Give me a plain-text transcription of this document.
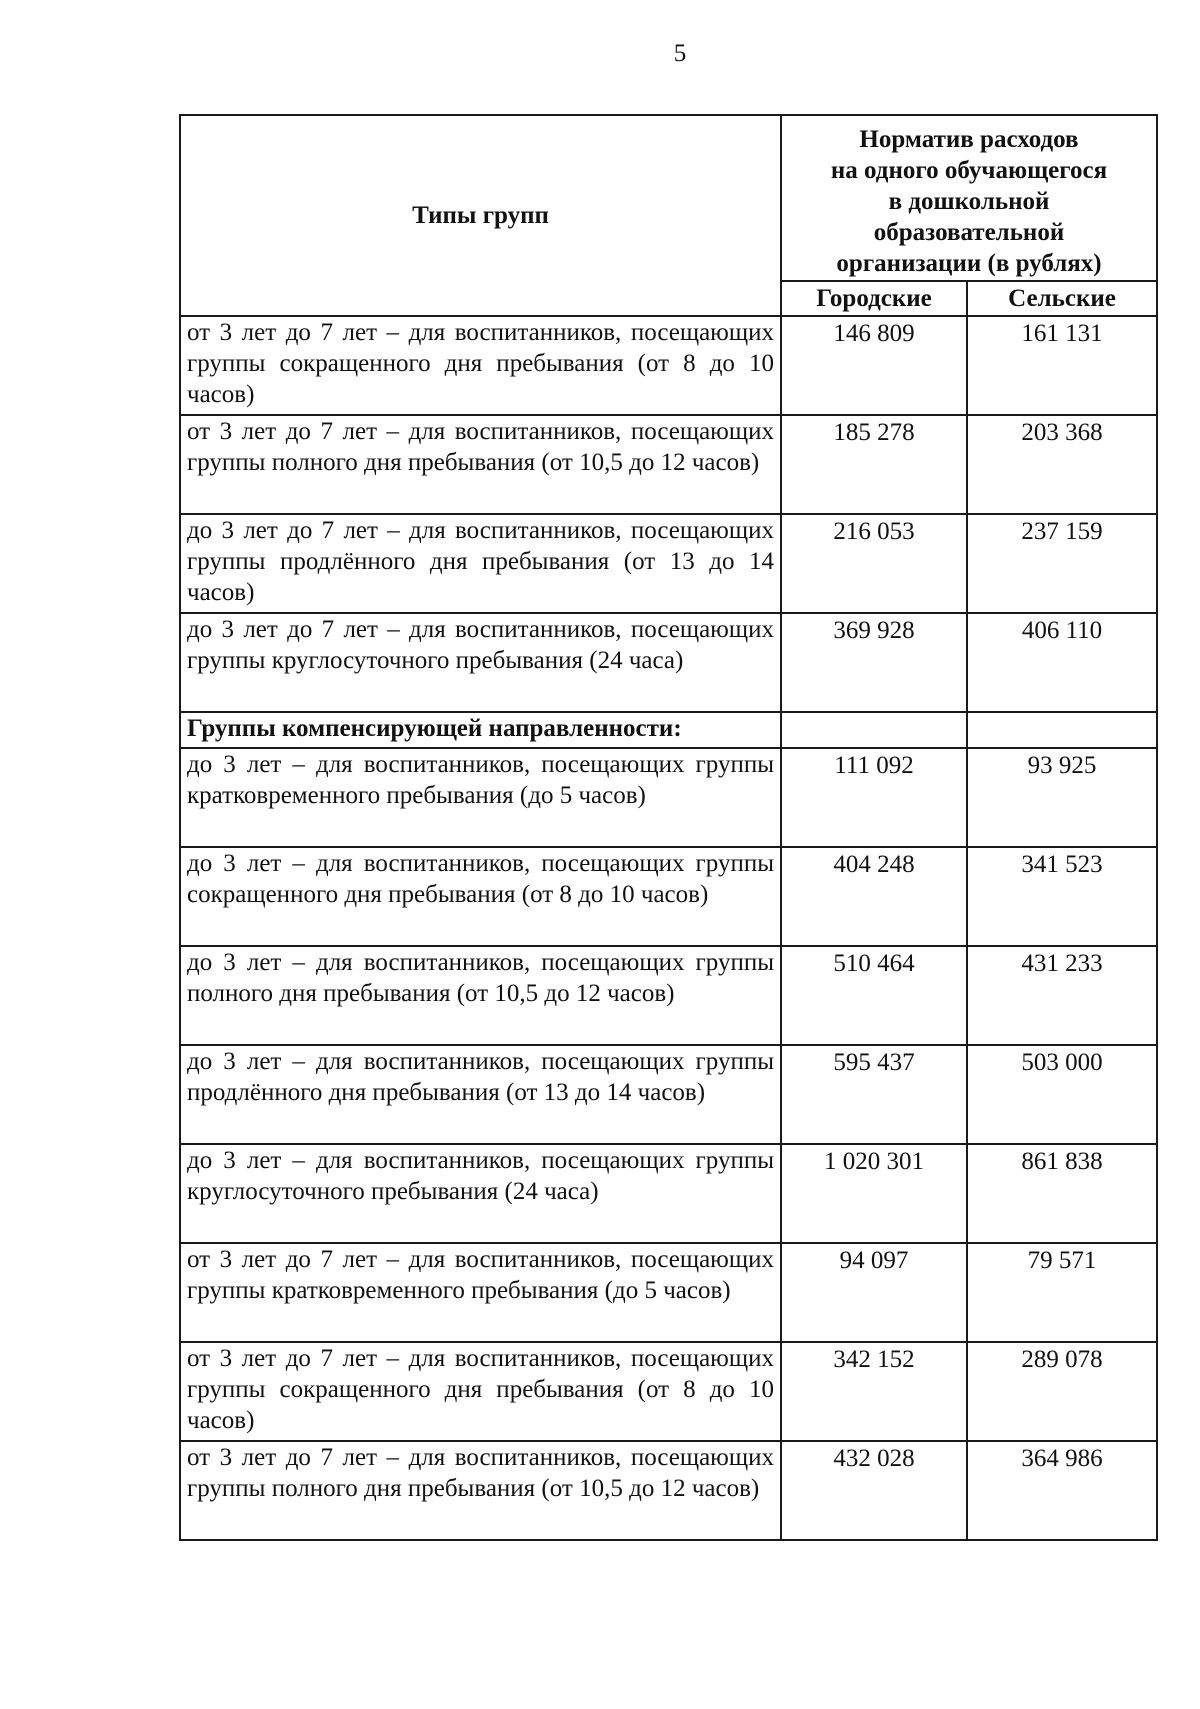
5
Типы групп	Норматив расходов
на одного обучающегося
в дошкольной
образовательной
организации (в рублях)	

	Городские	Сельские
от 3 лет до 7 лет – для воспитанников, посещающих группы сокращенного дня пребывания (от 8 до 10 часов)	146 809	161 131
от 3 лет до 7 лет – для воспитанников, посещающих группы полного дня пребывания (от 10,5 до 12 часов)	185 278	203 368
до 3 лет до 7 лет – для воспитанников, посещающих группы продлённого дня пребывания (от 13 до 14 часов)	216 053	237 159
до 3 лет до 7 лет – для воспитанников, посещающих группы круглосуточного пребывания (24 часа)	369 928	406 110
Группы компенсирующей направленности:		
до 3 лет – для воспитанников, посещающих группы кратковременного пребывания (до 5 часов)	111 092	93 925
до 3 лет – для воспитанников, посещающих группы сокращенного дня пребывания (от 8 до 10 часов)	404 248	341 523
до 3 лет – для воспитанников, посещающих группы полного дня пребывания (от 10,5 до 12 часов)	510 464	431 233
до 3 лет – для воспитанников, посещающих группы продлённого дня пребывания (от 13 до 14 часов)	595 437	503 000
до 3 лет – для воспитанников, посещающих группы круглосуточного пребывания (24 часа)	1 020 301	861 838
от 3 лет до 7 лет – для воспитанников, посещающих группы кратковременного пребывания (до 5 часов)	94 097	79 571
от 3 лет до 7 лет – для воспитанников, посещающих группы сокращенного дня пребывания (от 8 до 10 часов)	342 152	289 078
от 3 лет до 7 лет – для воспитанников, посещающих группы полного дня пребывания (от 10,5 до 12 часов)	432 028	364 986
